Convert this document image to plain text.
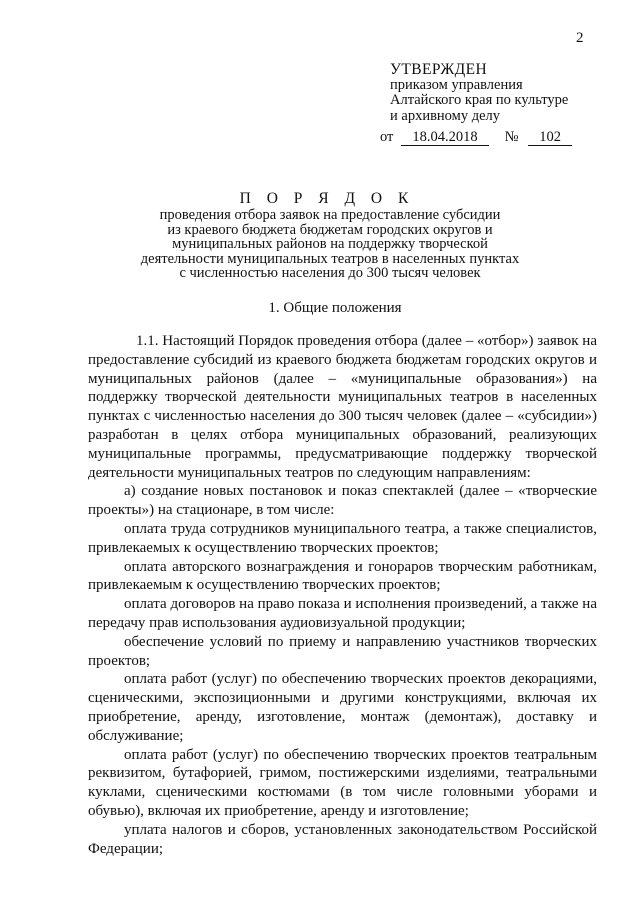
2
УТВЕРЖДЕН
приказом управления
Алтайского края по культуре
и архивному делу
от 18.04.2018 № 102
П О Р Я Д О К
проведения отбора заявок на предоставление субсидии
из краевого бюджета бюджетам городских округов и
муниципальных районов на поддержку творческой
деятельности муниципальных театров в населенных пунктах
с численностью населения до 300 тысяч человек
1. Общие положения

1.1. Настоящий Порядок проведения отбора (далее – «отбор») заявок на предоставление субсидий из краевого бюджета бюджетам городских округов и муниципальных районов (далее – «муниципальные образования») на поддержку творческой деятельности муниципальных театров в населенных пунктах с численностью населения до 300 тысяч человек (далее – «субсидии») разработан в целях отбора муниципальных образований, реализующих муниципальные программы, предусматривающие поддержку творческой деятельности муниципальных театров по следующим направлениям:

а) создание новых постановок и показ спектаклей (далее – «творческие проекты») на стационаре, в том числе:

оплата труда сотрудников муниципального театра, а также специалистов, привлекаемых к осуществлению творческих проектов;

оплата авторского вознаграждения и гонораров творческим работникам, привлекаемым к осуществлению творческих проектов;

оплата договоров на право показа и исполнения произведений, а также на передачу прав использования аудиовизуальной продукции;

обеспечение условий по приему и направлению участников творческих проектов;

оплата работ (услуг) по обеспечению творческих проектов декорациями, сценическими, экспозиционными и другими конструкциями, включая их приобретение, аренду, изготовление, монтаж (демонтаж), доставку и обслуживание;

оплата работ (услуг) по обеспечению творческих проектов театральным реквизитом, бутафорией, гримом, постижерскими изделиями, театральными куклами, сценическими костюмами (в том числе головными уборами и обувью), включая их приобретение, аренду и изготовление;

уплата налогов и сборов, установленных законодательством Российской Федерации;
